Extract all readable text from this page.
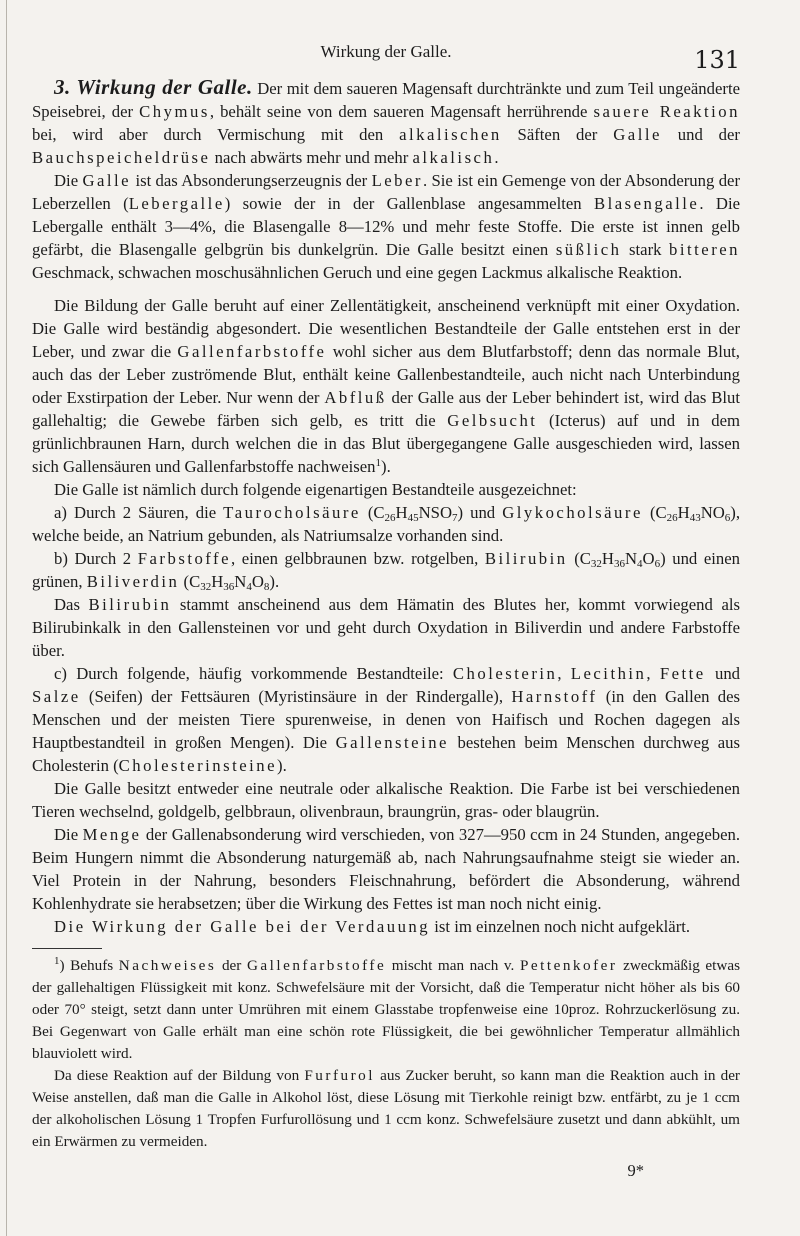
Wirkung der Galle.	131

3. Wirkung der Galle. Der mit dem saueren Magensaft durchtränkte und zum Teil ungeänderte Speisebrei, der Chymus, behält seine von dem saueren Magensaft herrührende sauere Reaktion bei, wird aber durch Vermischung mit den alkalischen Säften der Galle und der Bauchspeicheldrüse nach abwärts mehr und mehr alkalisch.

Die Galle ist das Absonderungserzeugnis der Leber. Sie ist ein Gemenge von der Absonderung der Leberzellen (Lebergalle) sowie der in der Gallenblase angesammelten Blasengalle. Die Lebergalle enthält 3—4%, die Blasengalle 8—12% und mehr feste Stoffe. Die erste ist innen gelb gefärbt, die Blasengalle gelbgrün bis dunkelgrün. Die Galle besitzt einen süßlich stark bitteren Geschmack, schwachen moschusähnlichen Geruch und eine gegen Lackmus alkalische Reaktion.

Die Bildung der Galle beruht auf einer Zellentätigkeit, anscheinend verknüpft mit einer Oxydation. Die Galle wird beständig abgesondert. Die wesentlichen Bestandteile der Galle entstehen erst in der Leber, und zwar die Gallenfarbstoffe wohl sicher aus dem Blutfarbstoff; denn das normale Blut, auch das der Leber zuströmende Blut, enthält keine Gallenbestandteile, auch nicht nach Unterbindung oder Exstirpation der Leber. Nur wenn der Abfluß der Galle aus der Leber behindert ist, wird das Blut gallehaltig; die Gewebe färben sich gelb, es tritt die Gelbsucht (Icterus) auf und in dem grünlichbraunen Harn, durch welchen die in das Blut übergegangene Galle ausgeschieden wird, lassen sich Gallensäuren und Gallenfarbstoffe nachweisen$^1$).

Die Galle ist nämlich durch folgende eigenartigen Bestandteile ausgezeichnet:

a) Durch 2 Säuren, die Taurocholsäure $(C_{26}H_{45}NSO_7)$ und Glykocholsäure $(C_{26}H_{43}NO_6)$, welche beide, an Natrium gebunden, als Natriumsalze vorhanden sind.

b) Durch 2 Farbstoffe, einen gelbbraunen bzw. rotgelben, Bilirubin $(C_{32}H_{36}N_4O_6)$ und einen grünen, Biliverdin $(C_{32}H_{36}N_4O_8)$.

Das Bilirubin stammt anscheinend aus dem Hämatin des Blutes her, kommt vorwiegend als Bilirubinkalk in den Gallensteinen vor und geht durch Oxydation in Biliverdin und andere Farbstoffe über.

c) Durch folgende, häufig vorkommende Bestandteile: Cholesterin, Lecithin, Fette und Salze (Seifen) der Fettsäuren (Myristinsäure in der Rindergalle), Harnstoff (in den Gallen des Menschen und der meisten Tiere spurenweise, in denen von Haifisch und Rochen dagegen als Hauptbestandteil in großen Mengen). Die Gallensteine bestehen beim Menschen durchweg aus Cholesterin (Cholesterinsteine).

Die Galle besitzt entweder eine neutrale oder alkalische Reaktion. Die Farbe ist bei verschiedenen Tieren wechselnd, goldgelb, gelbbraun, olivenbraun, braungrün, gras- oder blaugrün.

Die Menge der Gallenabsonderung wird verschieden, von 327—950 ccm in 24 Stunden, angegeben. Beim Hungern nimmt die Absonderung naturgemäß ab, nach Nahrungsaufnahme steigt sie wieder an. Viel Protein in der Nahrung, besonders Fleischnahrung, befördert die Absonderung, während Kohlenhydrate sie herabsetzen; über die Wirkung des Fettes ist man noch nicht einig.

Die Wirkung der Galle bei der Verdauung ist im einzelnen noch nicht aufgeklärt.

$^1$) Behufs Nachweises der Gallenfarbstoffe mischt man nach v. Pettenkofer zweckmäßig etwas der gallehaltigen Flüssigkeit mit konz. Schwefelsäure mit der Vorsicht, daß die Temperatur nicht höher als bis 60 oder 70° steigt, setzt dann unter Umrühren mit einem Glasstabe tropfenweise eine 10proz. Rohrzuckerlösung zu. Bei Gegenwart von Galle erhält man eine schön rote Flüssigkeit, die bei gewöhnlicher Temperatur allmählich blauviolett wird.

Da diese Reaktion auf der Bildung von Furfurol aus Zucker beruht, so kann man die Reaktion auch in der Weise anstellen, daß man die Galle in Alkohol löst, diese Lösung mit Tierkohle reinigt bzw. entfärbt, zu je 1 ccm der alkoholischen Lösung 1 Tropfen Furfurollösung und 1 ccm konz. Schwefelsäure zusetzt und dann abkühlt, um ein Erwärmen zu vermeiden.

9*
